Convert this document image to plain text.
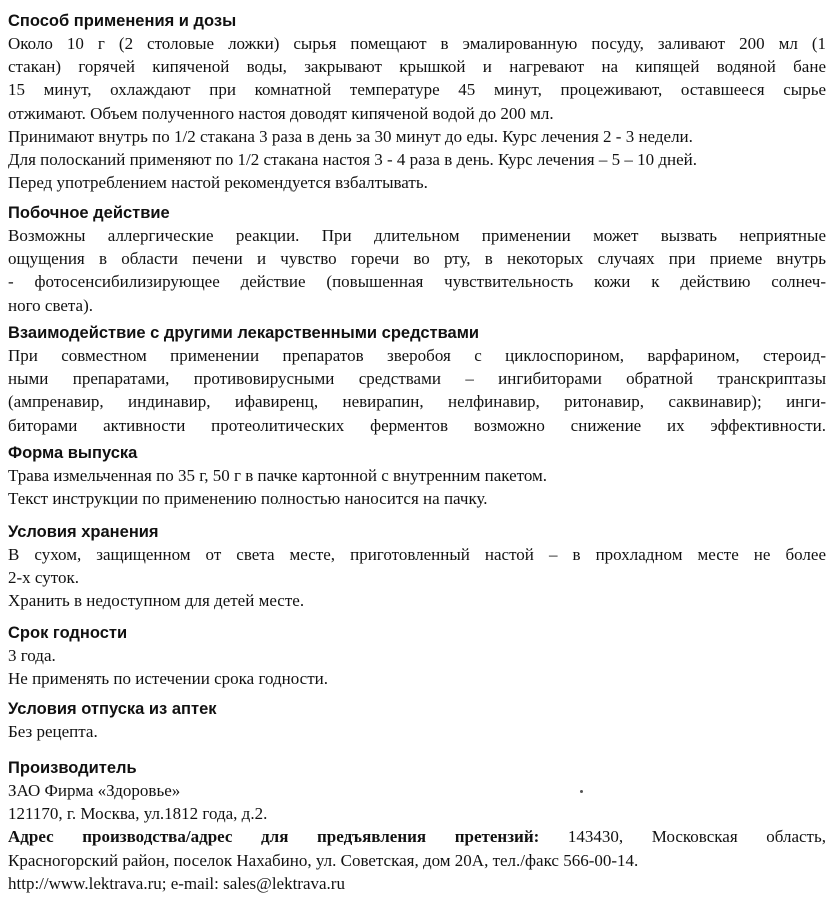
Способ применения и дозы

Около 10 г (2 столовые ложки) сырья помещают в эмалированную посуду, заливают 200 мл (1

стакан) горячей кипяченой воды, закрывают крышкой и нагревают на кипящей водяной бане

15 минут, охлаждают при комнатной температуре 45 минут, процеживают, оставшееся сырье

отжимают. Объем полученного настоя доводят кипяченой водой до 200 мл.

Принимают внутрь по 1/2 стакана 3 раза в день за 30 минут до еды. Курс лечения 2 - 3 недели.

Для полосканий применяют по 1/2 стакана настоя 3 - 4 раза в день. Курс лечения – 5 – 10 дней.

Перед употреблением настой рекомендуется взбалтывать.

Побочное действие

Возможны аллергические реакции. При длительном применении может вызвать неприятные

ощущения в области печени и чувство горечи во рту, в некоторых случаях при приеме внутрь

- фотосенсибилизирующее действие (повышенная чувствительность кожи к действию солнеч-

ного света).

Взаимодействие с другими лекарственными средствами

При совместном применении препаратов зверобоя с циклоспорином, варфарином, стероид-

ными препаратами, противовирусными средствами – ингибиторами обратной транскриптазы

(ампренавир, индинавир, ифавиренц, невирапин, нелфинавир, ритонавир, саквинавир); инги-

биторами активности протеолитических ферментов возможно снижение их эффективности.

Форма выпуска

Трава измельченная по 35 г, 50 г в пачке картонной с внутренним пакетом.

Текст инструкции по применению полностью наносится на пачку.

Условия хранения

В сухом, защищенном от света месте, приготовленный настой – в прохладном месте не более

2-х суток.

Хранить в недоступном для детей месте.

Срок годности

3 года.

Не применять по истечении срока годности.

Условия отпуска из аптек

Без рецепта.

Производитель

ЗАО Фирма «Здоровье»

121170, г. Москва, ул.1812 года, д.2.

Адрес производства/адрес для предъявления претензий: 143430, Московская область,

Красногорский район, поселок Нахабино, ул. Советская, дом 20А, тел./факс 566-00-14.

http://www.lektrava.ru; e-mail: sales@lektrava.ru
